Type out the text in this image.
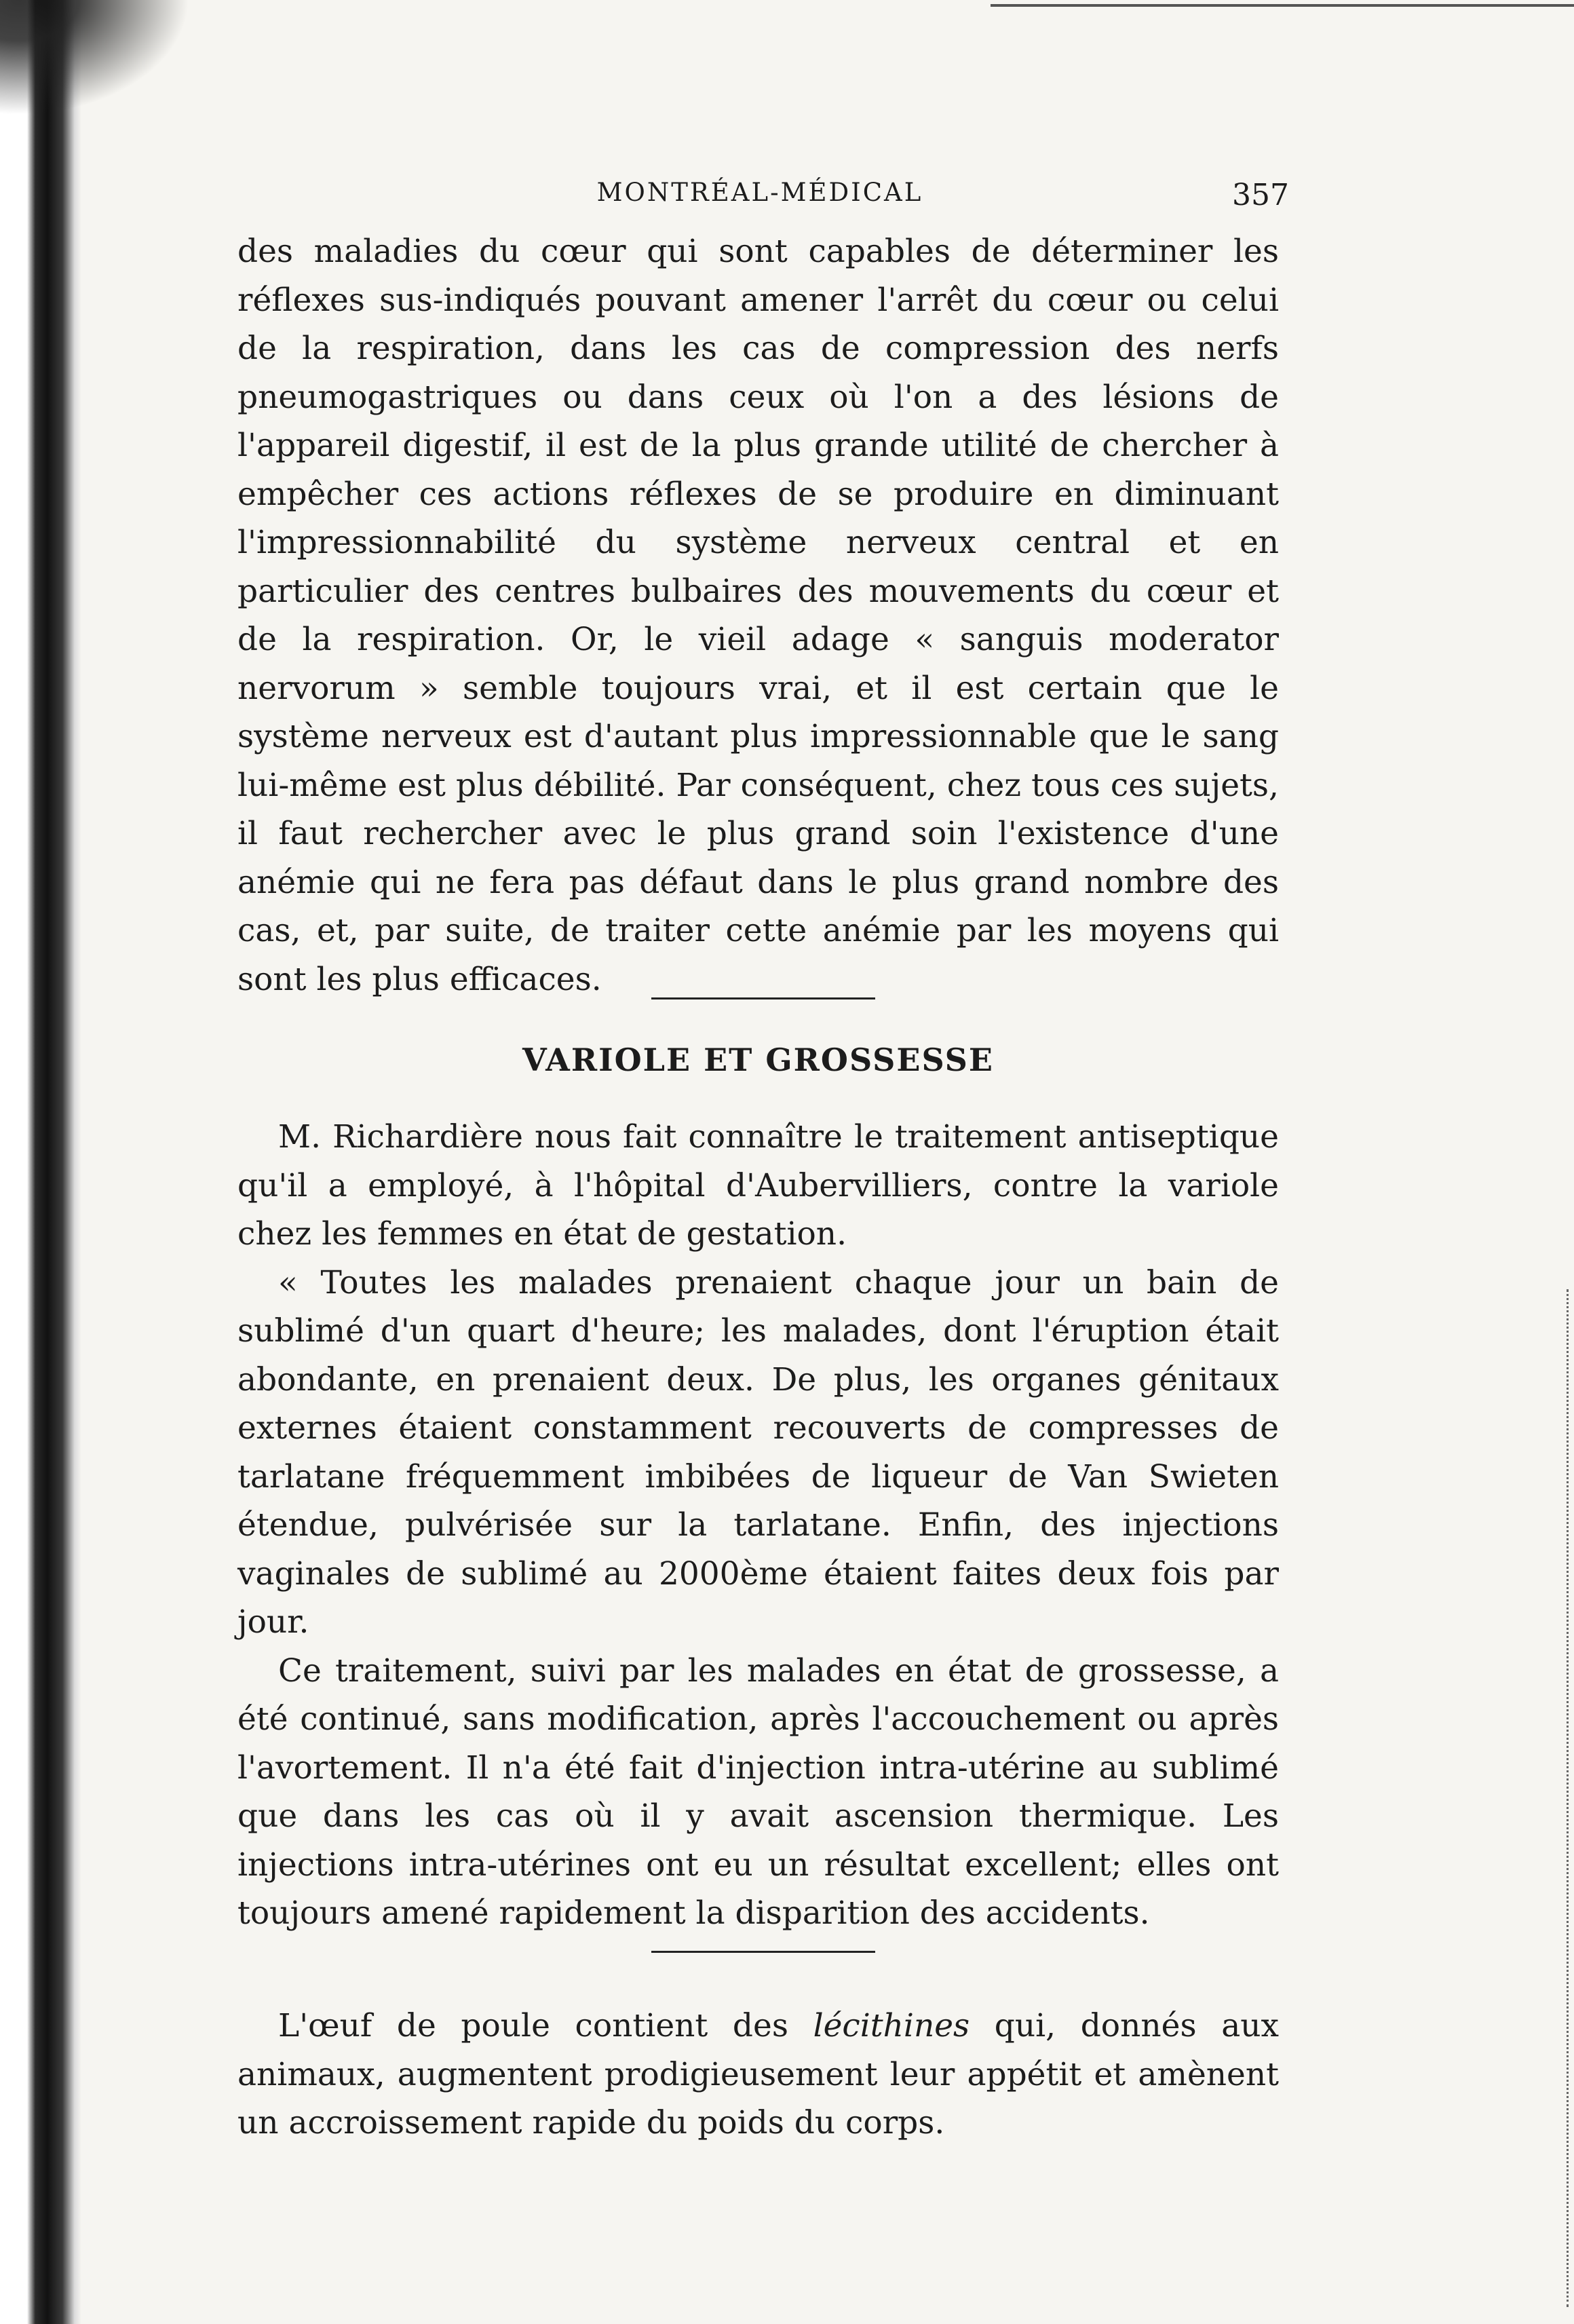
MONTRÉAL-MÉDICAL	357

des maladies du cœur qui sont capables de déterminer les réflexes sus-indiqués pouvant amener l'arrêt du cœur ou celui de la respiration, dans les cas de compression des nerfs pneumogastriques ou dans ceux où l'on a des lésions de l'appareil digestif, il est de la plus grande utilité de chercher à empêcher ces actions réflexes de se produire en diminuant l'impressionnabilité du système nerveux central et en particulier des centres bulbaires des mouvements du cœur et de la respiration. Or, le vieil adage « sanguis moderator nervorum » semble toujours vrai, et il est certain que le système nerveux est d'autant plus impressionnable que le sang lui-même est plus débilité. Par conséquent, chez tous ces sujets, il faut rechercher avec le plus grand soin l'existence d'une anémie qui ne fera pas défaut dans le plus grand nombre des cas, et, par suite, de traiter cette anémie par les moyens qui sont les plus efficaces.

VARIOLE ET GROSSESSE

M. Richardière nous fait connaître le traitement antiseptique qu'il a employé, à l'hôpital d'Aubervilliers, contre la variole chez les femmes en état de gestation.

« Toutes les malades prenaient chaque jour un bain de sublimé d'un quart d'heure; les malades, dont l'éruption était abondante, en prenaient deux. De plus, les organes génitaux externes étaient constamment recouverts de compresses de tarlatane fréquemment imbibées de liqueur de Van Swieten étendue, pulvérisée sur la tarlatane. Enfin, des injections vaginales de sublimé au 2000ème étaient faites deux fois par jour.

Ce traitement, suivi par les malades en état de grossesse, a été continué, sans modification, après l'accouchement ou après l'avortement. Il n'a été fait d'injection intra-utérine au sublimé que dans les cas où il y avait ascension thermique. Les injections intra-utérines ont eu un résultat excellent; elles ont toujours amené rapidement la disparition des accidents.

L'œuf de poule contient des lécithines qui, donnés aux animaux, augmentent prodigieusement leur appétit et amènent un accroissement rapide du poids du corps.
